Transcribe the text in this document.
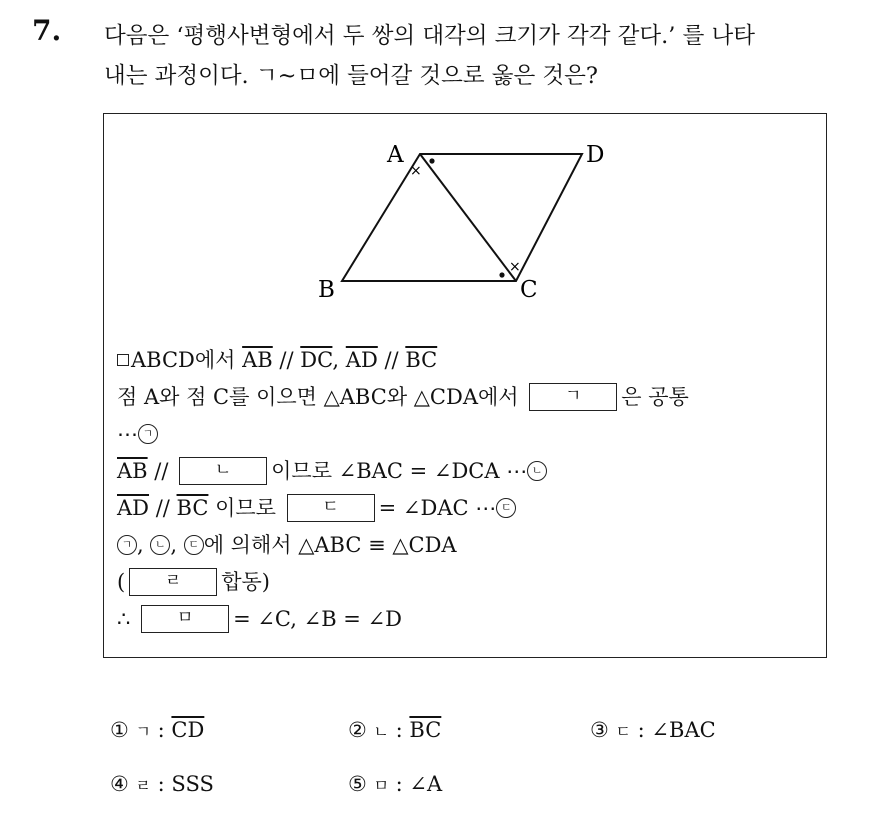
7. 다음은 ‘평행사변형에서 두 쌍의 대각의 크기가 각각 같다.’ 를 나타
내는 과정이다. ㄱ~ㅁ에 들어갈 것으로 옳은 것은?
×
×
A	D
B	C
ABCD에서 $\overline{AB} // \overline{DC}$, $\overline{AD} // \overline{BC}$
점 A와 점 C를 이으면 △ABC와 △CDA에서 ㄱ 은 공통
⋯ ㄱ
$\overline{AB}$ // ㄴ 이므로 ∠BAC = ∠DCA ⋯ ㄴ
$\overline{AD} // \overline{BC}$ 이므로 ㄷ = ∠DAC ⋯ ㄷ
ㄱ , ㄴ , ㄷ 에 의해서 △ABC ≡ △CDA
( ㄹ 합동)
∴	ㅁ = ∠C, ∠B = ∠D
① ㄱ : $\overline{CD}$	② ㄴ : $\overline{BC}$	③ ㄷ : ∠BAC
④ ㄹ : SSS	⑤ ㅁ : ∠A
